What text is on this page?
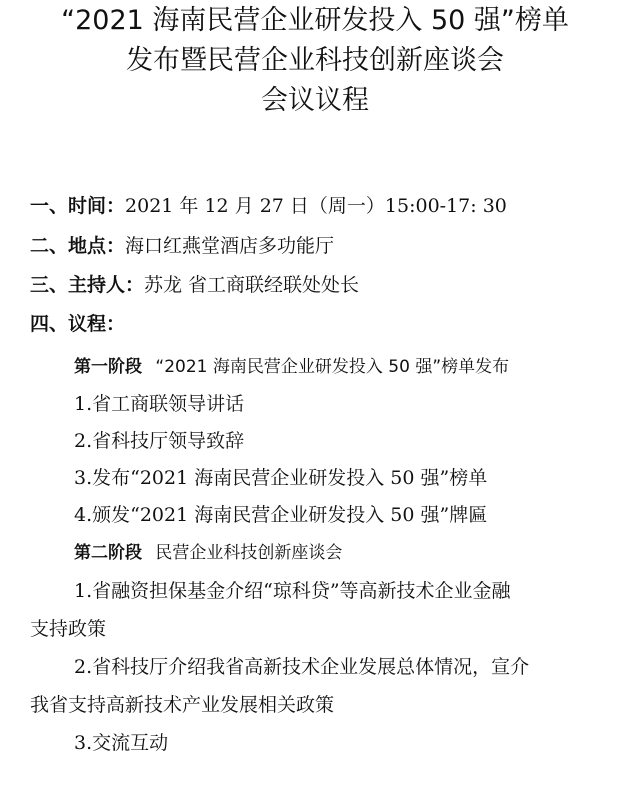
“2021 海南民营企业研发投入 50 强”榜单
发布暨民营企业科技创新座谈会
会议议程
一、时间：2021 年 12 月 27 日（周一）15:00-17: 30
二、地点：海口红燕堂酒店多功能厅
三、主持人：苏龙 省工商联经联处处长
四、议程：
第一阶段 “2021 海南民营企业研发投入 50 强”榜单发布
1.省工商联领导讲话
2.省科技厅领导致辞
3.发布“2021 海南民营企业研发投入 50 强”榜单
4.颁发“2021 海南民营企业研发投入 50 强”牌匾
第二阶段 民营企业科技创新座谈会
1.省融资担保基金介绍“琼科贷”等高新技术企业金融
支持政策
2.省科技厅介绍我省高新技术企业发展总体情况，宣介
我省支持高新技术产业发展相关政策
3.交流互动
